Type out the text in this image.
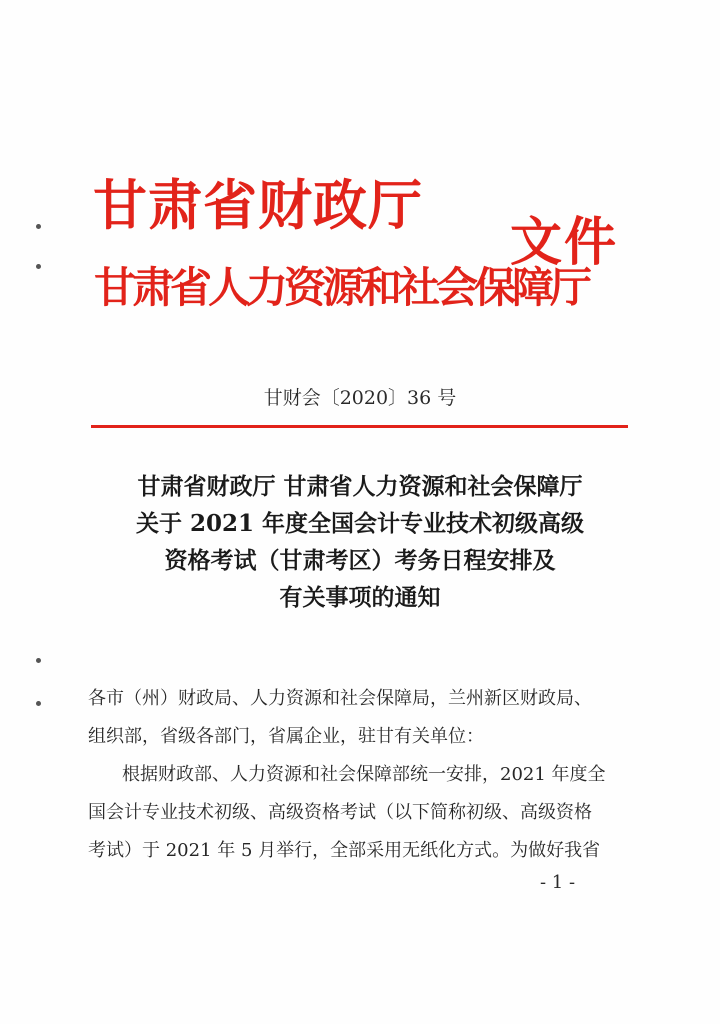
甘肃省财政厅
甘肃省人力资源和社会保障厅
文件
甘财会〔2020〕36 号
甘肃省财政厅 甘肃省人力资源和社会保障厅
关于 2021 年度全国会计专业技术初级高级
资格考试（甘肃考区）考务日程安排及
有关事项的通知
各市（州）财政局、人力资源和社会保障局，兰州新区财政局、
组织部，省级各部门，省属企业，驻甘有关单位：
根据财政部、人力资源和社会保障部统一安排，2021 年度全
国会计专业技术初级、高级资格考试（以下简称初级、高级资格
考试）于 2021 年 5 月举行，全部采用无纸化方式。为做好我省
- 1 -
